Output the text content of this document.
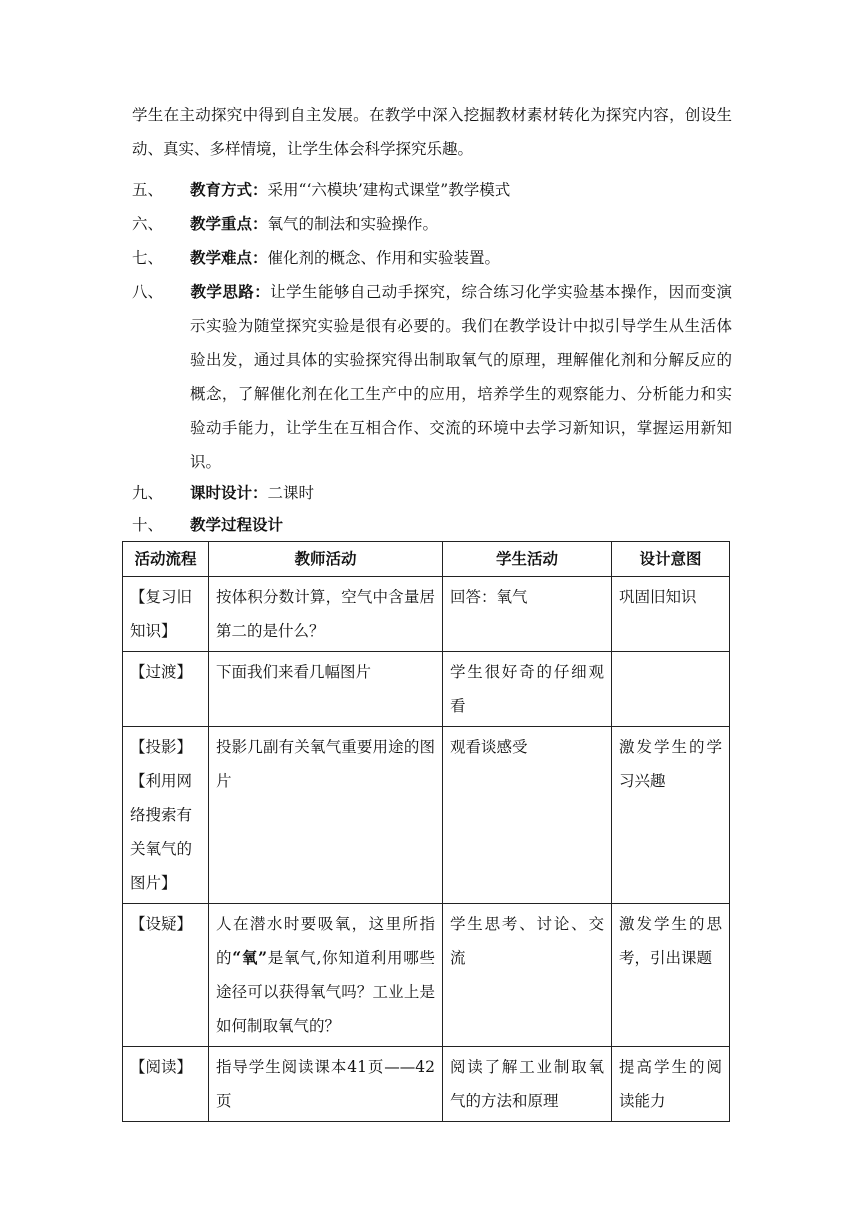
学生在主动探究中得到自主发展。在教学中深入挖掘教材素材转化为探究内容，创设生动、真实、多样情境，让学生体会科学探究乐趣。
五、 教育方式：采用“‘六模块’建构式课堂”教学模式
六、 教学重点：氧气的制法和实验操作。
七、 教学难点：催化剂的概念、作用和实验装置。
八、 教学思路：让学生能够自己动手探究，综合练习化学实验基本操作，因而变演示实验为随堂探究实验是很有必要的。我们在教学设计中拟引导学生从生活体验出发，通过具体的实验探究得出制取氧气的原理，理解催化剂和分解反应的概念，了解催化剂在化工生产中的应用，培养学生的观察能力、分析能力和实验动手能力，让学生在互相合作、交流的环境中去学习新知识，掌握运用新知识。
九、 课时设计：二课时
十、 教学过程设计
活动流程	教师活动	学生活动	设计意图
【复习旧知识】	按体积分数计算，空气中含量居第二的是什么？	回答：氧气	巩固旧知识
【过渡】	下面我们来看几幅图片	学生很好奇的仔细观看	
【投影】【利用网络搜索有关氧气的图片】	投影几副有关氧气重要用途的图片	观看谈感受	激发学生的学习兴趣
【设疑】	人在潜水时要吸氧，这里所指的“氧”是氧气,你知道利用哪些途径可以获得氧气吗？工业上是如何制取氧气的？	学生思考、讨论、交流	激发学生的思考，引出课题
【阅读】	指导学生阅读课本41页——42页	阅读了解工业制取氧气的方法和原理	提高学生的阅读能力
